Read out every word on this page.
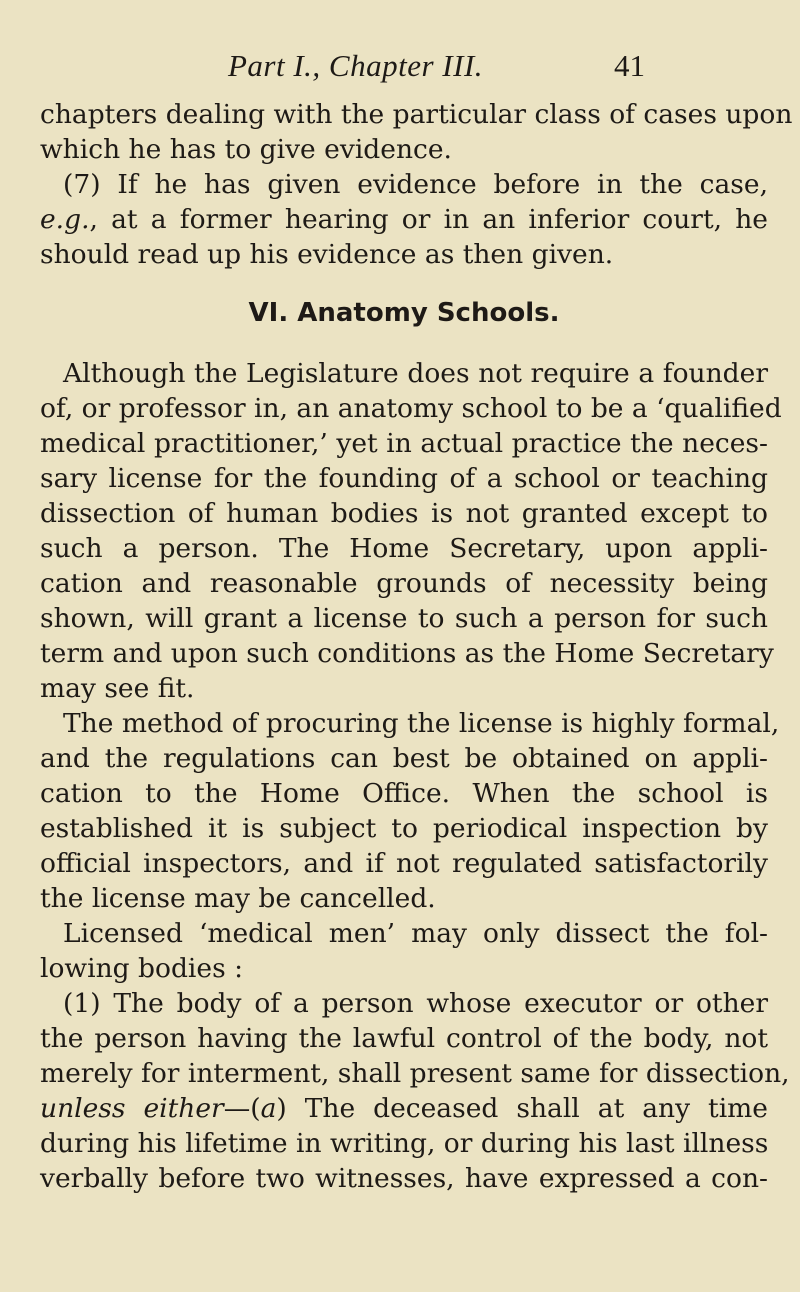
Part I., Chapter III.	41
chapters dealing with the particular class of cases upon
which he has to give evidence.
(7) If he has given evidence before in the case,
e.g., at a former hearing or in an inferior court, he
should read up his evidence as then given.
VI. Anatomy Schools.
Although the Legislature does not require a founder
of, or professor in, an anatomy school to be a ‘qualified
medical practitioner,’ yet in actual practice the neces-
sary license for the founding of a school or teaching
dissection of human bodies is not granted except to
such a person. The Home Secretary, upon appli-
cation and reasonable grounds of necessity being
shown, will grant a license to such a person for such
term and upon such conditions as the Home Secretary
may see fit.
The method of procuring the license is highly formal,
and the regulations can best be obtained on appli-
cation to the Home Office. When the school is
established it is subject to periodical inspection by
official inspectors, and if not regulated satisfactorily
the license may be cancelled.
Licensed ‘medical men’ may only dissect the fol-
lowing bodies :
(1) The body of a person whose executor or other
the person having the lawful control of the body, not
merely for interment, shall present same for dissection,
unless either—(a) The deceased shall at any time
during his lifetime in writing, or during his last illness
verbally before two witnesses, have expressed a con-
